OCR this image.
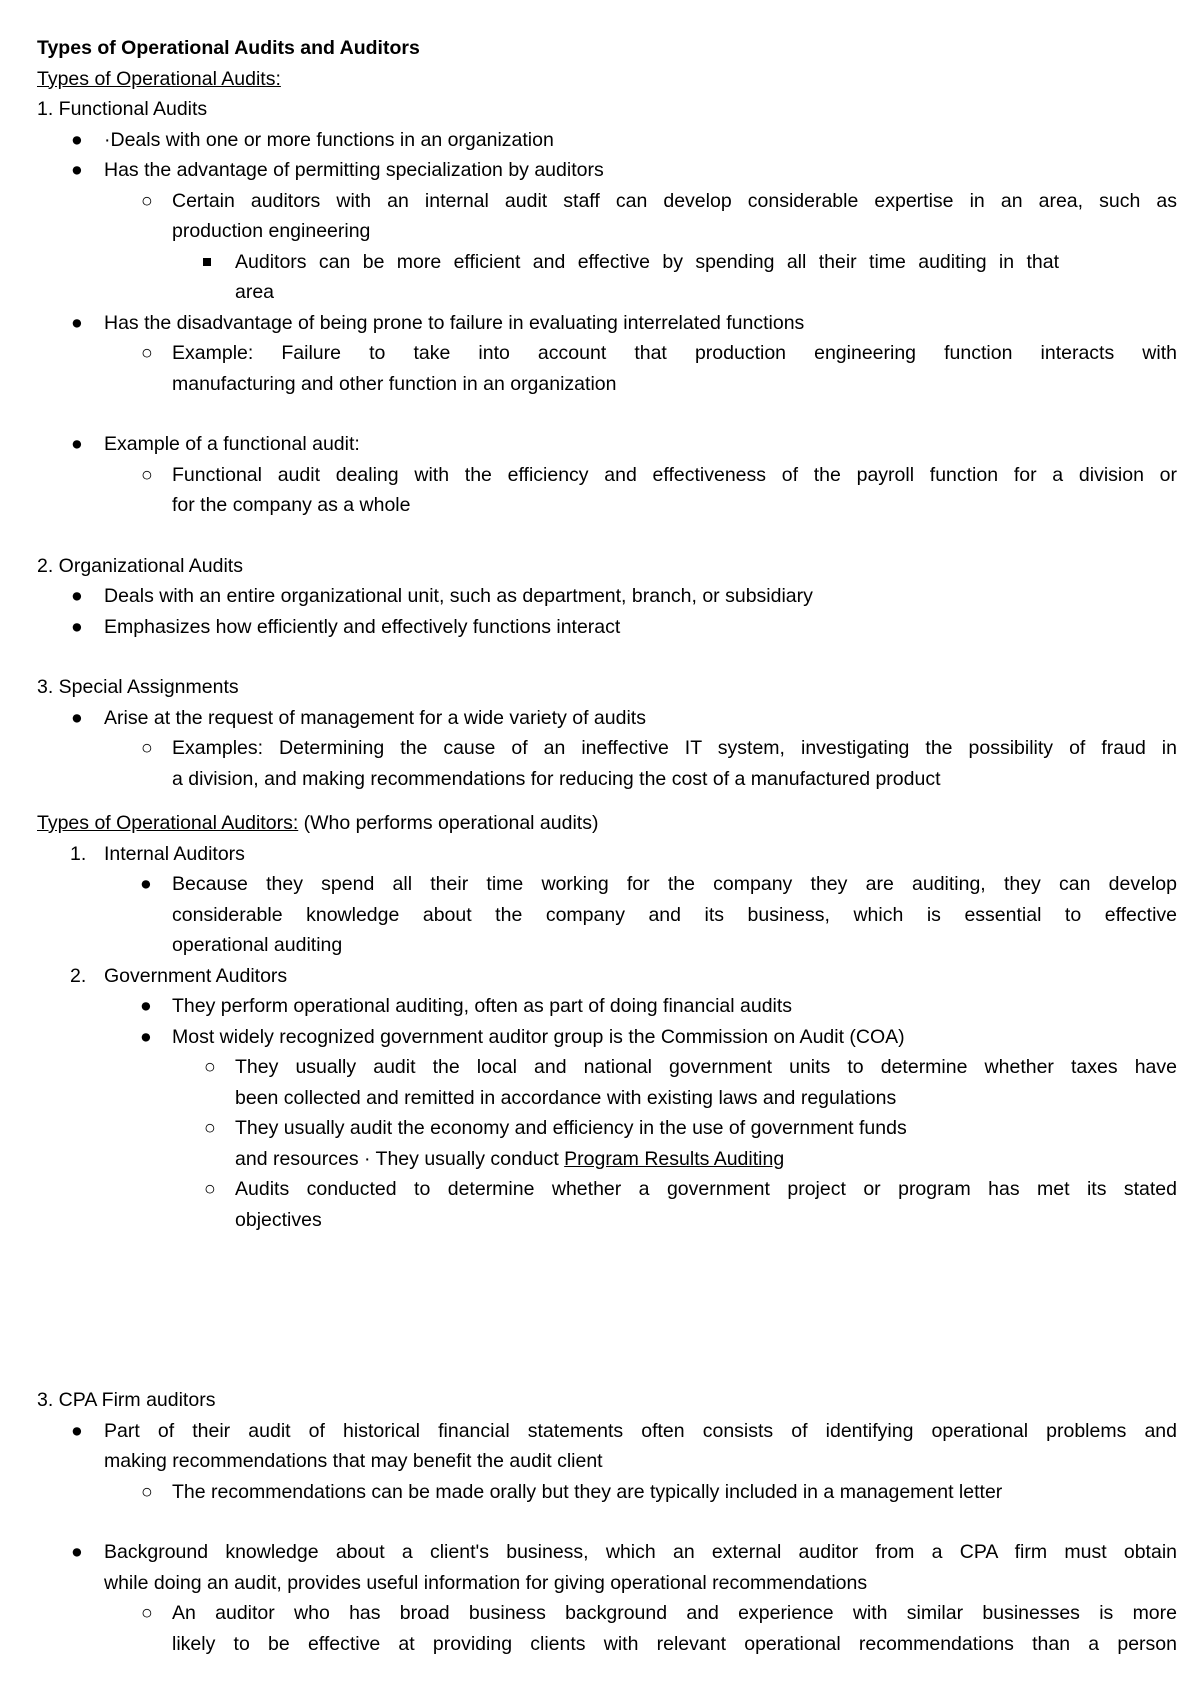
Types of Operational Audits and Auditors
Types of Operational Audits:
1. Functional Audits
● ·Deals with one or more functions in an organization
● Has the advantage of permitting specialization by auditors
○ Certain auditors with an internal audit staff can develop considerable expertise in an area, such as
production engineering
Auditors can be more efficient and effective by spending all their time auditing in that
area
● Has the disadvantage of being prone to failure in evaluating interrelated functions
○ Example: Failure to take into account that production engineering function interacts with
manufacturing and other function in an organization
● Example of a functional audit:
○ Functional audit dealing with the efficiency and effectiveness of the payroll function for a division or
for the company as a whole
2. Organizational Audits
● Deals with an entire organizational unit, such as department, branch, or subsidiary
● Emphasizes how efficiently and effectively functions interact
3. Special Assignments
● Arise at the request of management for a wide variety of audits
○ Examples: Determining the cause of an ineffective IT system, investigating the possibility of fraud in
a division, and making recommendations for reducing the cost of a manufactured product
Types of Operational Auditors: (Who performs operational audits)
1. Internal Auditors
● Because they spend all their time working for the company they are auditing, they can develop
considerable knowledge about the company and its business, which is essential to effective
operational auditing
2. Government Auditors
● They perform operational auditing, often as part of doing financial audits
● Most widely recognized government auditor group is the Commission on Audit (COA)
○ They usually audit the local and national government units to determine whether taxes have
been collected and remitted in accordance with existing laws and regulations
○ They usually audit the economy and efficiency in the use of government funds
and resources · They usually conduct Program Results Auditing
○ Audits conducted to determine whether a government project or program has met its stated
objectives
3. CPA Firm auditors
● Part of their audit of historical financial statements often consists of identifying operational problems and
making recommendations that may benefit the audit client
○ The recommendations can be made orally but they are typically included in a management letter
● Background knowledge about a client's business, which an external auditor from a CPA firm must obtain
while doing an audit, provides useful information for giving operational recommendations
○ An auditor who has broad business background and experience with similar businesses is more
likely to be effective at providing clients with relevant operational recommendations than a person
